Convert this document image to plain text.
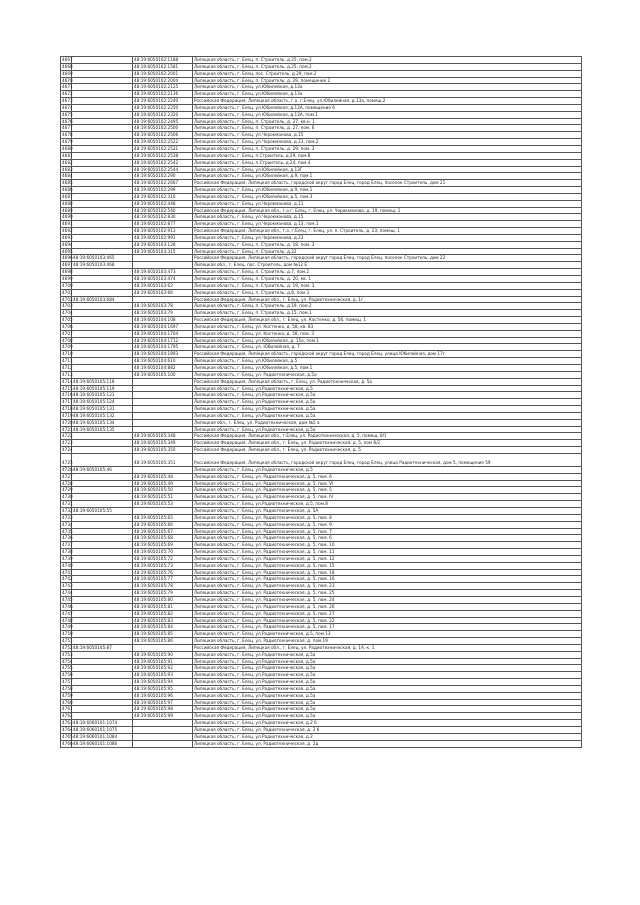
4667		48:19:6050102:1188	Липецкая область, г. Елец, п. Строитель, д.25, пом.2
4668		48:19:6050102:1581	Липецкая область, г. Елец, п. Строитель, д.25, пом.2
4669		48:19:6050102:2001	Липецкая область, г. Елец, пос. Строитель, д.29, пом.2
4670		48:19:6050102:2004	Липецкая область, г. Елец, п. Строитель, д. 29, помещение 2
4671		48:19:6050102:2125	Липецкая область, г. Елец, ул.Юбилейная, д.13а
4672		48:19:6050102:2136	Липецкая область, г. Елец, ул.Юбилейная, д.13а
4673		48:19:6050102:2240	Российская Федерация, Липецкая область, г.о. г.Елец, ул.Юбилейная, д.13а, помещ.2
4674		48:19:6050102:2250	Липецкая область, г. Елец, ул.Юбилейная, д.13А, помещение 6
4675		48:19:6050102:2320	Липецкая область, г. Елец, ул Юбилейная, д.13А, пом.1
4676		48:19:6050102:2495	Липецкая область, г. Елец, п. Строитель, д. 27, кв.н. 1
4677		48:19:6050102:2500	Липецкая область, г. Елец, п. Строитель, д. 27, пом. 6
4678		48:19:6050102:2506	Липецкая область, г. Елец, ул.Черокманова, д.15
4679		48:19:6050102:2522	Липецкая область, г. Елец, ул.Черокманова, д.23, пом.2
4680		48:19:6050102:2531	Липецкая область, г. Елец, п. Строитель, д. 29, пом. 3
4681		48:19:6050102:2538	Липецкая область, г. Елец, п.Строитель, д.29, пом.8
4682		48:19:6050102:2542	Липецкая область, г. Елец, п.Строитель, д.24, пом.4
4683		48:19:6050102:2544	Липецкая область, г. Елец, ул.Юбилейная, д.13Г
4684		48:19:6050102:290	Липецкая область, г. Елец, ул.Юбилейная, д.9, пом.1
4685		48:19:6050102:2667	Российская Федерация, Липецкая область, городской округ город Елец, город Елец, поселок Строитель, дом 21
4686		48:19:6050102:299	Липецкая область, г. Елец, ул.Юбилейная, д.9, пом.1
4687		48:19:6050102:316	Липецкая область, г. Елец, ул.Юбилейная, д.5, пом.3
4688		48:19:6050102:448	Липецкая область, г. Елец, ул.Черокманова, д.11
4689		48:19:6050102:540	Российская Федерация, Липецкая обл., г.о.г. Елец, г. Елец, ул. Черокманова, д. 19, помещ. 1
4690		48:19:6050102:830	Липецкая область, г. Елец, ул.Черокманова, д.15
4691		48:19:6050102:877	Липецкая область, г. Елец, ул.Черокманова, д.13, пом.1
4692		48:19:6050102:913	Российская Федерация, Липецкая обл., г.о. г.Елец, г. Елец, ул. п. Строитель, д. 23, помещ. 1
4693		48:19:6050102:991	Липецкая область, г. Елец, ул.Черокманова, д.23
4694		48:19:6050103:128	Липецкая область, г. Елец, п. Строитель, д. 18, пом. 3
4695		48:19:6050103:315	Липецкая область, г. Елец, п. Строитель, д.22
4696	48:19:6050103:465		Российская Федерация, Липецкая область, городской округ город Елец, город Елец, поселок Строитель, дом 22
4697	48:19:6050103:468		Липецкая обл., г. Елец, пос. Строитель, дом №12 Е
4698		48:19:6050103:473	Липецкая область, г. Елец, п. Строитель, д.7, пом.2
4699		48:19:6050103:474	Липецкая область, г. Елец, п. Строитель, д. 20, кв. 1
4700		48:19:6050103:62	Липецкая область, г. Елец, п. Строитель, д. 19, пом. 3
4701		48:19:6050103:66	Липецкая область, г. Елец, п. Строитель, д.8, пом.3
4702	48:19:6050103:684		Российская Федерация, Липецкая обл., г. Елец, ул. Радиотехническая, д. 1г
4703		48:19:6050103:78	Липецкая область, г. Елец, п. Строитель, д.19, пом.2
4704		48:19:6050103:79	Липецкая область, г. Елец, п. Строитель, д.15, пом.1
4705		48:19:6050104:108	Российская Федерация, Липецкая обл., г. Елец, ул. Костенко, д. 56, помещ. 1
4706		48:19:6050104:1697	Липецкая область, г. Елец, ул. Костенко, д. 58, кв. 83
4707		48:19:6050104:1704	Липецкая область, г. Елец, ул. Костенко, д. 58, пом. 3
4708		48:19:6050104:1712	Липецкая область, г. Елец, ул.Юбилейная, д. 15а, пом.1
4709		48:19:6050104:1795	Липецкая область, г. Елец, ул. Юбилейная, д. 7
4710		48:19:6050104:1893	Российская Федерация, Липецкая область, городской округ город Елец, город Елец, улица Юбилейная, дом 17г
4711		48:19:6050104:610	Липецкая область, г. Елец, ул.Юбилейная, д.5
4712		48:19:6050104:882	Липецкая область, г. Елец, ул.Юбилейная, д.5, пом.1
4713		48:19:6050105:100	Липецкая область, г. Елец, ул. Радиотехническая, д.5а
4714	48:19:6050105:118		Российская Федерация, Липецкая область, г. Елец, ул. Радиотехническая, д. 5а
4715	48:19:6050105:119		Липецкая область, г. Елец, ул.Радиотехническая, д.5
4716	48:19:6050105:121		Липецкая область, г. Елец, ул.Радиотехническая, д.5а
4717	48:19:6050105:124		Липецкая область, г. Елец, ул.Радиотехническая, д.5а
4718	48:19:6050105:131		Липецкая область, г. Елец, ул.Радиотехническая, д.5а
4719	48:19:6050105:132		Липецкая область, г. Елец, ул.Радиотехническая, д.5а
4720	48:19:6050105:134		Липецкая обл., г. Елец, ул. Радиотехническая, дом №5 а
4721	48:19:6050105:135		Липецкая область, г. Елец, ул.Радиотехническая, д.5а
4722		48:19:6050105:348	Российская Федерация, Липецкая обл., г.Елец, ул. Радиотехническая, д. 5, помещ. 8/1
4723		48:19:6050105:349	Российская Федерация, Липецкая обл., г. Елец, ул. Радиотехническая, д. 5, пом 8/2
4724		48:19:6050105:350	Российская Федерация, Липецкая обл., г. Елец, ул. Радиотехническая, д. 5
4725		48:19:6050105:351	Российская Федерация, Липецкая область, городской округ город Елец, город Елец, улица Радиотехническая, дом 5, помещение 59
4726	48:19:6050105:46		Липецкая область, г. Елец, ул.Радиотехническая, д.5
4727		48:19:6050105:48	Липецкая область, г. Елец, ул. Радиотехническая, д. 5, пом. 6
4728		48:19:6050105:49	Липецкая область, г. Елец, ул. Радиотехническая, д. 5, пом. VI
4729		48:19:6050105:50	Липецкая область, г. Елец, ул. Радиотехническая, д. 5, пом. 5
4730		48:19:6050105:51	Липецкая область, г. Елец, ул. Радиотехническая, д. 5, пом. IV
4731		48:19:6050105:53	Липецкая область, г. Елец, ул.Радиотехническая, д.5, пом.8
4732	48:19:6050105:55		Липецкая область, г. Елец, ул. Радиотехническая, д. 5А
4733		48:19:6050105:65	Липецкая область, г. Елец, ул. Радиотехническая, д. 5, пом. 8
4734		48:19:6050105:66	Липецкая область, г. Елец, ул. Радиотехническая, д. 5, пом. 9
4735		48:19:6050105:67	Липецкая область, г. Елец, ул. Радиотехническая, д. 5, пом. 7
4736		48:19:6050105:68	Липецкая область, г. Елец, ул. Радиотехническая, д. 5, пом. 6
4737		48:19:6050105:69	Липецкая область, г. Елец, ул. Радиотехническая, д. 5, пом. 10
4738		48:19:6050105:70	Липецкая область, г. Елец, ул. Радиотехническая, д. 5, пом. 11
4739		48:19:6050105:72	Липецкая область, г. Елец, ул. Радиотехническая, д. 5, пом. 12
4740		48:19:6050105:73	Липецкая область, г. Елец, ул. Радиотехническая, д. 5, пом. 15
4741		48:19:6050105:76	Липецкая область, г. Елец, ул. Радиотехническая, д. 5, пом. 18
4742		48:19:6050105:77	Липецкая область, г. Елец, ул. Радиотехническая, д. 5, пом. 16
4743		48:19:6050105:78	Липецкая область, г. Елец, ул. Радиотехническая, д. 5, пом. 23
4744		48:19:6050105:79	Липецкая область, г. Елец, ул. Радиотехническая, д. 5, пом. 25
4745		48:19:6050105:80	Липецкая область, г. Елец, ул. Радиотехническая, д. 5, пом. 24
4746		48:19:6050105:81	Липецкая область, г. Елец, ул. Радиотехническая, д. 5, пом. 26
4747		48:19:6050105:82	Липецкая область, г. Елец, ул. Радиотехническая, д. 5, пом. 27
4748		48:19:6050105:83	Липецкая область, г. Елец, ул. Радиотехническая, д. 5, пом. 22
4749		48:19:6050105:84	Липецкая область, г. Елец, ул. Радиотехническая, д. 5, пом. 17
4750		48:19:6050105:85	Липецкая область, г. Елец, ул.Радиотехническая, д.5, пом.13
4751		48:19:6050105:86	Липецкая область, г. Елец, ул. Радиотехническая, д. пом.19
4752	48:19:6050105:87		Российская Федерация, Липецкая обл., г. Елец, ул. Радиотехническая, д. 1А, к. 1
4753		48:19:6050105:90	Липецкая область, г. Елец, ул.Радиотехническая, д.5а
4754		48:19:6050105:91	Липецкая область, г. Елец, ул.Радиотехническая, д.5а
4755		48:19:6050105:92	Липецкая область, г. Елец, ул.Радиотехническая, д.5а
4756		48:19:6050105:93	Липецкая область, г. Елец, ул.Радиотехническая, д.5а
4757		48:19:6050105:94	Липецкая область, г. Елец, ул.Радиотехническая, д.5а
4758		48:19:6050105:95	Липецкая область, г. Елец, ул.Радиотехническая, д.5а
4759		48:19:6050105:96	Липецкая область, г. Елец, ул.Радиотехническая, д.5а
4760		48:19:6050105:97	Липецкая область, г. Елец, ул.Радиотехническая, д.5а
4761		48:19:6050105:98	Липецкая область, г. Елец, ул.Радиотехническая, д.5а
4762		48:19:6050105:99	Липецкая область, г. Елец, ул.Радиотехническая, д.5а
4763	48:19:6060101:1074		Липецкая область, г. Елец, ул.Радиотехническая, д.2 б
4764	48:19:6060101:1075		Липецкая область, г. Елец, ул. Радиотехническая, д. 2 б
4765	48:19:6060101:1084		Липецкая область, г. Елец, ул.Радиотехническая, д.2
4766	48:19:6060101:1086		Липецкая область, г. Елец, ул. Радиотехническая, д. 2д
